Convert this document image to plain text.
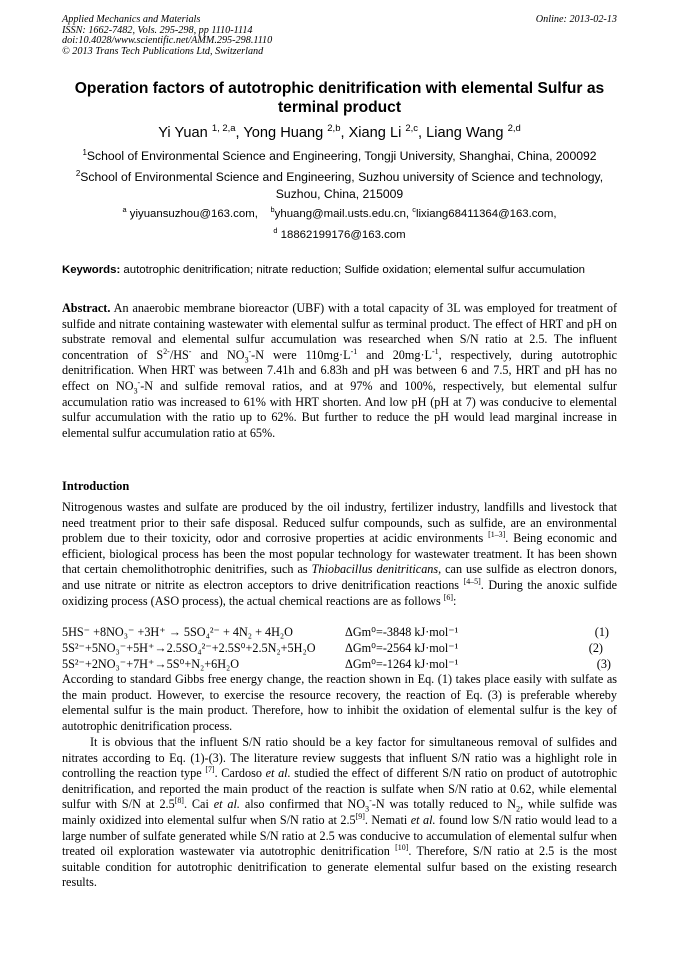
Applied Mechanics and Materials
ISSN: 1662-7482, Vols. 295-298, pp 1110-1114
doi:10.4028/www.scientific.net/AMM.295-298.1110
© 2013 Trans Tech Publications Ltd, Switzerland
Online: 2013-02-13
Operation factors of autotrophic denitrification with elemental Sulfur as terminal product
Yi Yuan $^{1, 2,a}$, Yong Huang $^{2,b}$, Xiang Li $^{2,c}$, Liang Wang $^{2,d}$
$^1$School of Environmental Science and Engineering, Tongji University, Shanghai, China, 200092
$^2$School of Environmental Science and Engineering, Suzhou university of Science and technology, Suzhou, China, 215009
$^a$ yiyuansuzhou@163.com, $^b$yhuang@mail.usts.edu.cn, $^c$lixiang68411364@163.com,
$^d$ 18862199176@163.com
Keywords: autotrophic denitrification; nitrate reduction; Sulfide oxidation; elemental sulfur accumulation
Abstract. An anaerobic membrane bioreactor (UBF) with a total capacity of 3L was employed for treatment of sulfide and nitrate containing wastewater with elemental sulfur as terminal product. The effect of HRT and pH on substrate removal and elemental sulfur accumulation was researched when S/N ratio at 2.5. The influent concentration of $S^{2-}/HS^-$ and $NO_3^--N$ were $110mg\cdot L^{-1}$ and $20mg\cdot L^{-1}$, respectively, during autotrophic denitrification. When HRT was between 7.41h and 6.83h and pH was between 6 and 7.5, HRT and pH has no effect on $NO_3^--N$ and sulfide removal ratios, and at 97% and 100%, respectively, but elemental sulfur accumulation ratio was increased to 61% with HRT shorten. And low pH (pH at 7) was conducive to elemental sulfur accumulation with the ratio up to 62%. But further to reduce the pH would lead marginal increase in elemental sulfur accumulation ratio at 65%.
Introduction
Nitrogenous wastes and sulfate are produced by the oil industry, fertilizer industry, landfills and livestock that need treatment prior to their safe disposal. Reduced sulfur compounds, such as sulfide, are an environmental problem due to their toxicity, odor and corrosive properties at acidic environments [1–3]. Being economic and efficient, biological process has been the most popular technology for wastewater treatment. It has been shown that certain chemolithotrophic denitrifies, such as Thiobacillus denitriticans, can use sulfide as electron donors, and use nitrate or nitrite as electron acceptors to drive denitrification reactions [4–5]. During the anoxic sulfide oxidizing process (ASO process), the actual chemical reactions are as follows [6]:
5HS⁻ +8NO₃⁻ +3H⁺ → 5SO₄²⁻ + 4N₂ + 4H₂O	ΔGm⁰=-3848 kJ·mol⁻¹	(1)
5S²⁻+5NO₃⁻+5H⁺→2.5SO₄²⁻+2.5S⁰+2.5N₂+5H₂O ΔGm⁰=-2564 kJ·mol⁻¹	(2)
5S²⁻+2NO₃⁻+7H⁺→5S⁰+N₂+6H₂O	ΔGm⁰=-1264 kJ·mol⁻¹	(3)
According to standard Gibbs free energy change, the reaction shown in Eq. (1) takes place easily with sulfate as the main product. However, to exercise the resource recovery, the reaction of Eq. (3) is preferable whereby elemental sulfur is the main product. Therefore, how to inhibit the oxidation of elemental sulfur is the key of autotrophic denitrification process.
It is obvious that the influent S/N ratio should be a key factor for simultaneous removal of sulfides and nitrates according to Eq. (1)-(3). The literature review suggests that influent S/N ratio was a highlight role in controlling the reaction type [7]. Cardoso et al. studied the effect of different S/N ratio on product of autotrophic denitrification, and reported the main product of the reaction is sulfate when S/N ratio at 0.62, while elemental sulfur with S/N at 2.5[8]. Cai et al. also confirmed that $NO_3^--N$ was totally reduced to $N_2$, while sulfide was mainly oxidized into elemental sulfur when S/N ratio at 2.5[9]. Nemati et al. found low S/N ratio would lead to a large number of sulfate generated while S/N ratio at 2.5 was conducive to accumulation of elemental sulfur when treated oil exploration wastewater via autotrophic denitrification [10]. Therefore, S/N ratio at 2.5 is the most suitable condition for autotrophic denitrification to generate elemental sulfur based on the existing research results.
